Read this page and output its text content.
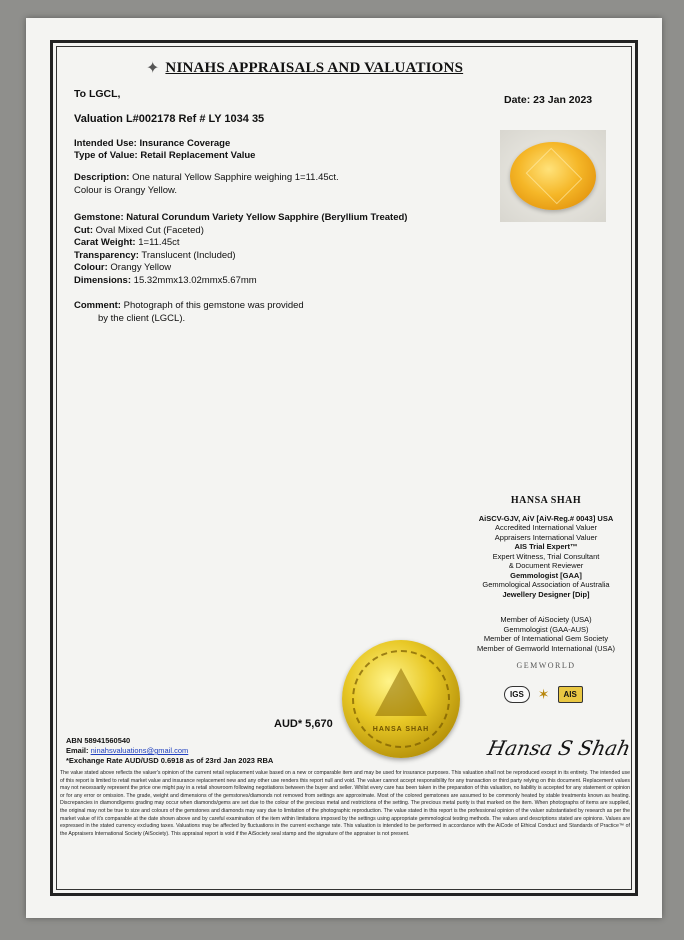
✦ NINAHS APPRAISALS AND VALUATIONS
To LGCL,	Date: 23 Jan 2023
Valuation L#002178 Ref # LY 1034 35
Intended Use: Insurance Coverage
Type of Value: Retail Replacement Value
Description: One natural Yellow Sapphire weighing 1=11.45ct.
Colour is Orangy Yellow.
Gemstone: Natural Corundum Variety Yellow Sapphire (Beryllium Treated)
Cut: Oval Mixed Cut (Faceted)
Carat Weight: 1=11.45ct
Transparency: Translucent (Included)
Colour: Orangy Yellow
Dimensions: 15.32mmx13.02mmx5.67mm
Comment: Photograph of this gemstone was provided
by the client (LGCL).
HANSA SHAH
AiSCV-GJV, AiV [AiV-Reg.# 0043] USA
Accredited International Valuer
Appraisers International Valuer
AIS Trial Expert™
Expert Witness, Trial Consultant
& Document Reviewer
Gemmologist [GAA]
Gemmological Association of Australia
Jewellery Designer [Dip]
Member of AiSociety (USA)
Gemmologist (GAA-AUS)
Member of International Gem Society
Member of Gemworld International (USA)
GEMWORLD
IGS	✶	AIS
AUD* 5,670	HANSA SHAH
Hansa S Shah
ABN 58941560540
Email: ninahsvaluations@gmail.com
*Exchange Rate AUD/USD 0.6918 as of 23rd Jan 2023 RBA
The value stated above reflects the valuer's opinion of the current retail replacement value based on a new or comparable item and may be used for insurance purposes. This valuation shall not be reproduced except in its entirety. The intended use of this report is limited to retail market value and insurance replacement new and any other use renders this report null and void. The valuer cannot accept responsibility for any transaction or third party relying on this document. Replacement values may not necessarily represent the price one might pay in a retail showroom following negotiations between the buyer and seller. Whilst every care has been taken in the preparation of this valuation, no liability is accepted for any statement or opinion or for any error or omission. The grade, weight and dimensions of the gemstones/diamonds not removed from settings are approximate. Most of the colored gemstones are assumed to be commonly heated by stable treatments known as heating. Discrepancies in diamond/gems grading may occur when diamonds/gems are set due to the colour of the precious metal and restrictions of the setting. The precious metal purity is that marked on the item. When photographs of items are supplied, the original may not be true to size and colours of the gemstones and diamonds may vary due to limitation of the photographic reproduction. The value stated in this report is the professional opinion of the valuer substantiated by research as per the market value of it's comparable at the date shown above and by careful examination of the item within limitations imposed by the settings using appropriate gemmological testing methods. The values and descriptions stated are opinions. Values are expressed in the stated currency excluding taxes. Valuations may be affected by fluctuations in the current exchange rate. This valuation is intended to be performed in accordance with the AiCode of Ethical Conduct and Standards of Practice™ of the Appraisers International Society (AiSociety). This appraisal report is void if the AiSociety seal stamp and the signature of the appraiser is not present.
